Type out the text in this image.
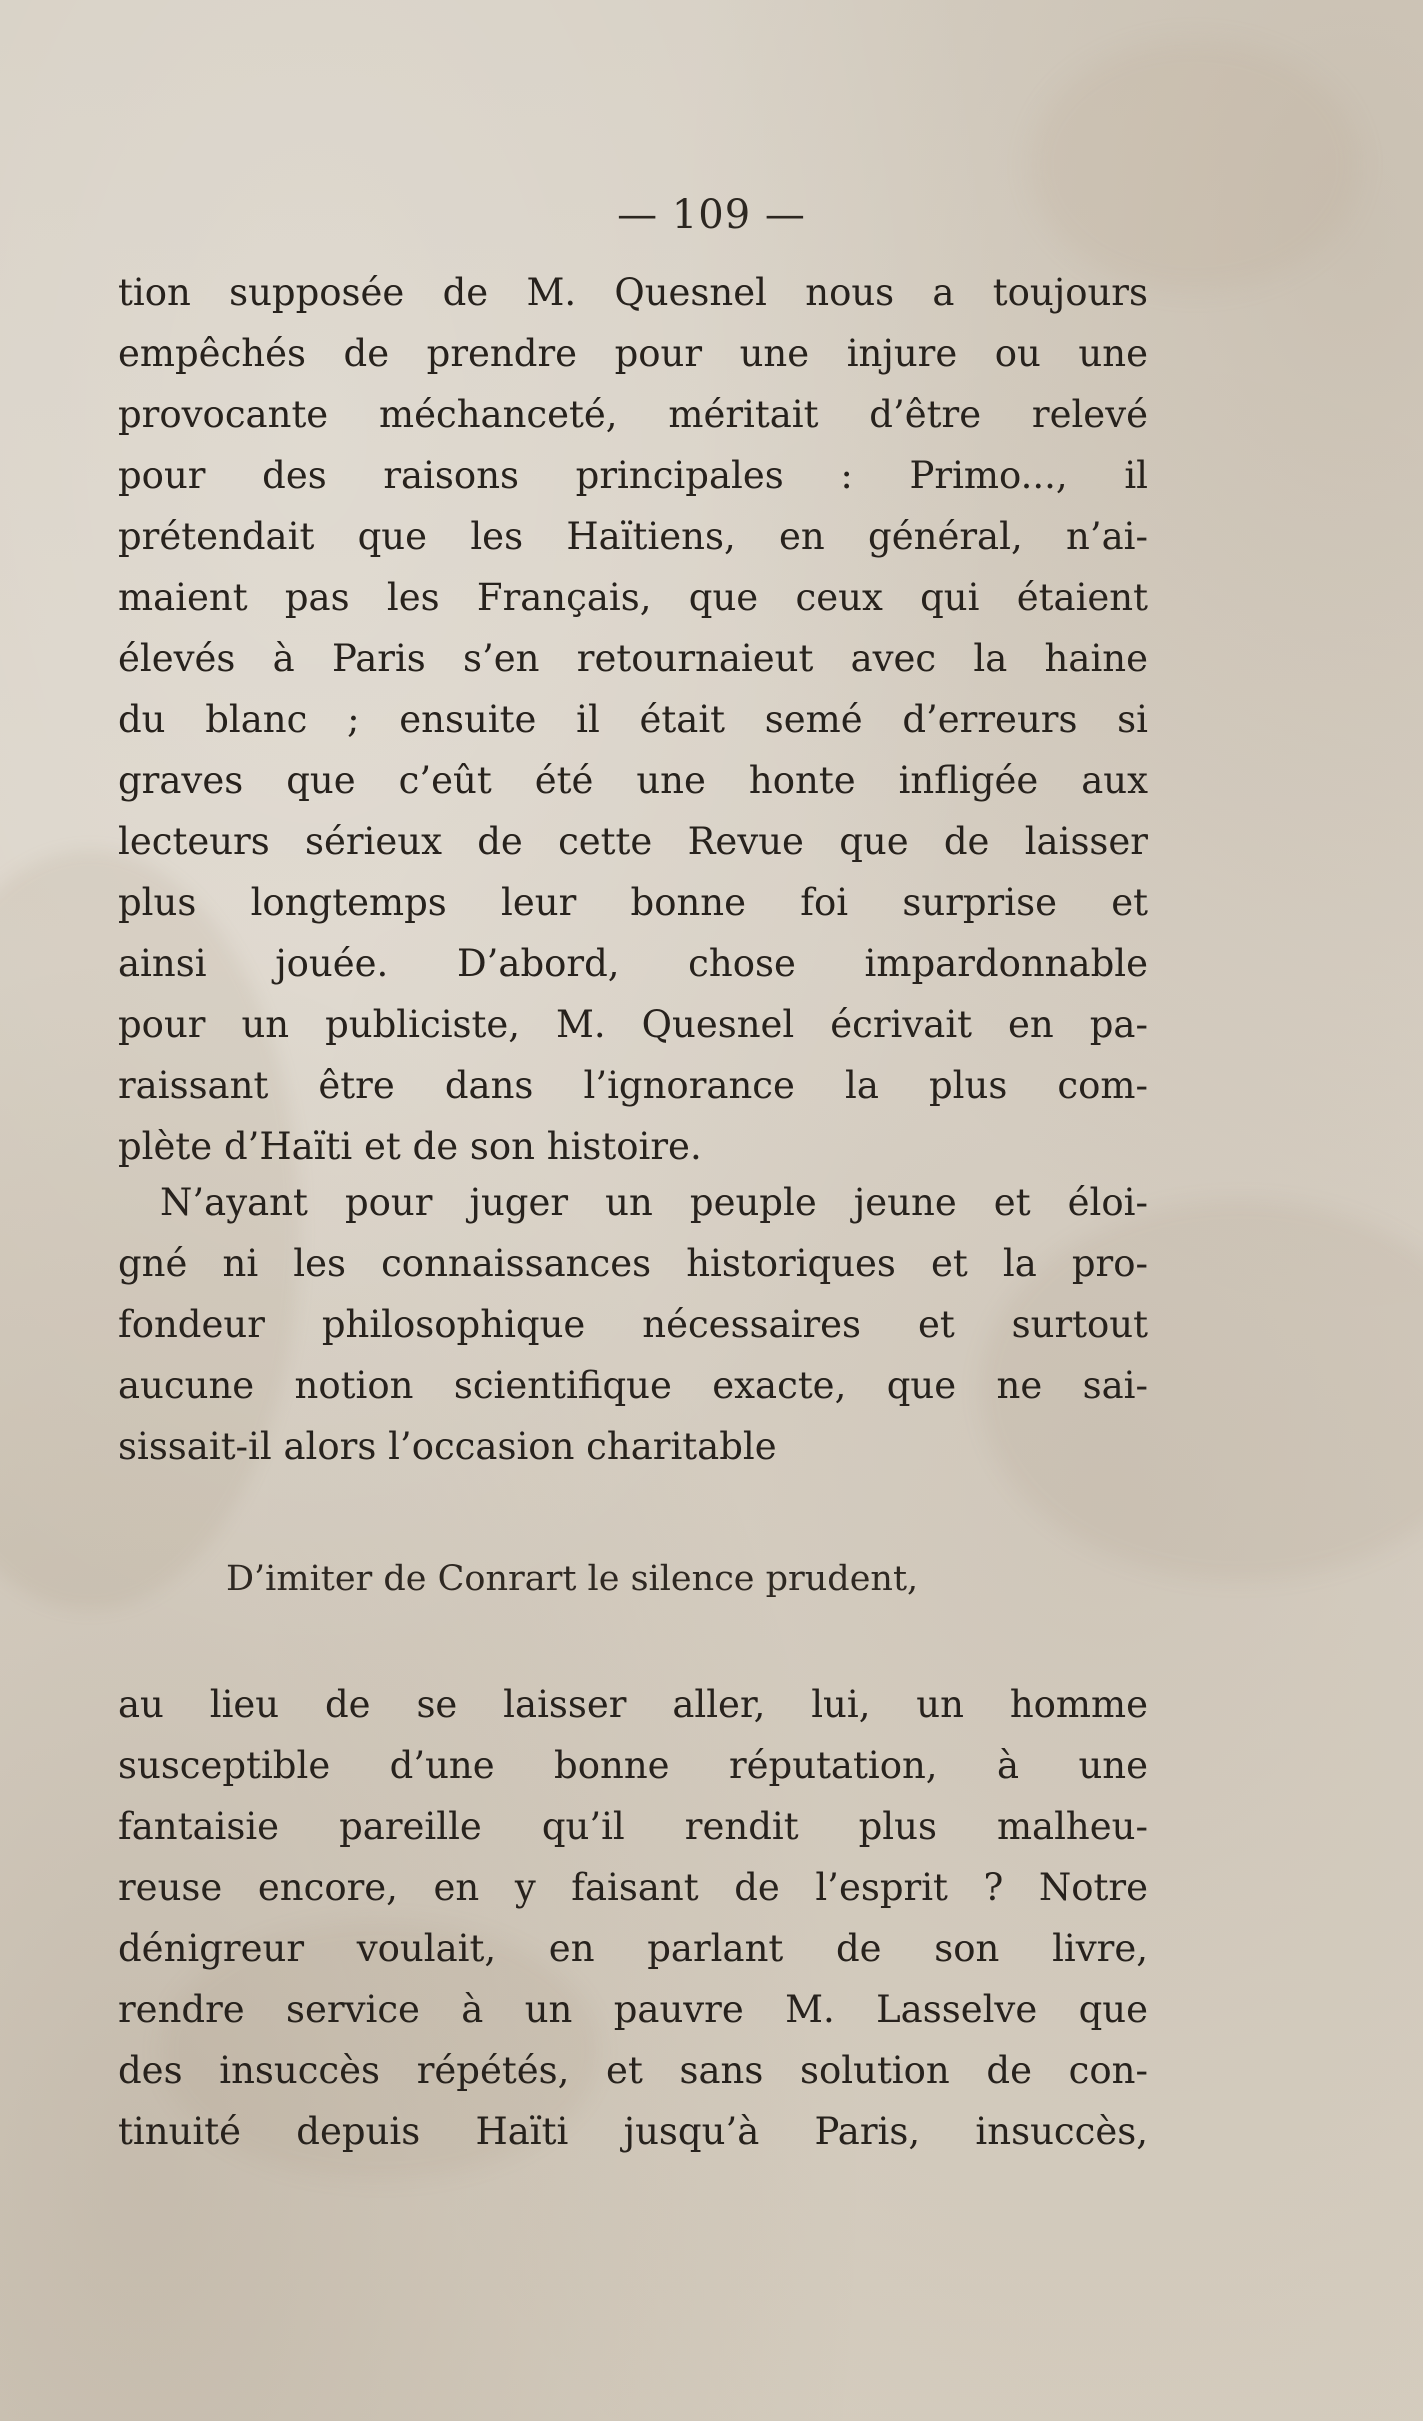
— 109 —
tion supposée de M. Quesnel nous a toujours
empêchés de prendre pour une injure ou une
provocante méchanceté, méritait d’être relevé
pour des raisons principales : Primo..., il
prétendait que les Haïtiens, en général, n’ai-
maient pas les Français, que ceux qui étaient
élevés à Paris s’en retournaieut avec la haine
du blanc ; ensuite il était semé d’erreurs si
graves que c’eût été une honte infligée aux
lecteurs sérieux de cette Revue que de laisser
plus longtemps leur bonne foi surprise et
ainsi jouée. D’abord, chose impardonnable
pour un publiciste, M. Quesnel écrivait en pa-
raissant être dans l’ignorance la plus com-
plète d’Haïti et de son histoire.
N’ayant pour juger un peuple jeune et éloi-
gné ni les connaissances historiques et la pro-
fondeur philosophique nécessaires et surtout
aucune notion scientifique exacte, que ne sai-
sissait-il alors l’occasion charitable
D’imiter de Conrart le silence prudent,
au lieu de se laisser aller, lui, un homme
susceptible d’une bonne réputation, à une
fantaisie pareille qu’il rendit plus malheu-
reuse encore, en y faisant de l’esprit ? Notre
dénigreur voulait, en parlant de son livre,
rendre service à un pauvre M. Lasselve que
des insuccès répétés, et sans solution de con-
tinuité depuis Haïti jusqu’à Paris, insuccès,
